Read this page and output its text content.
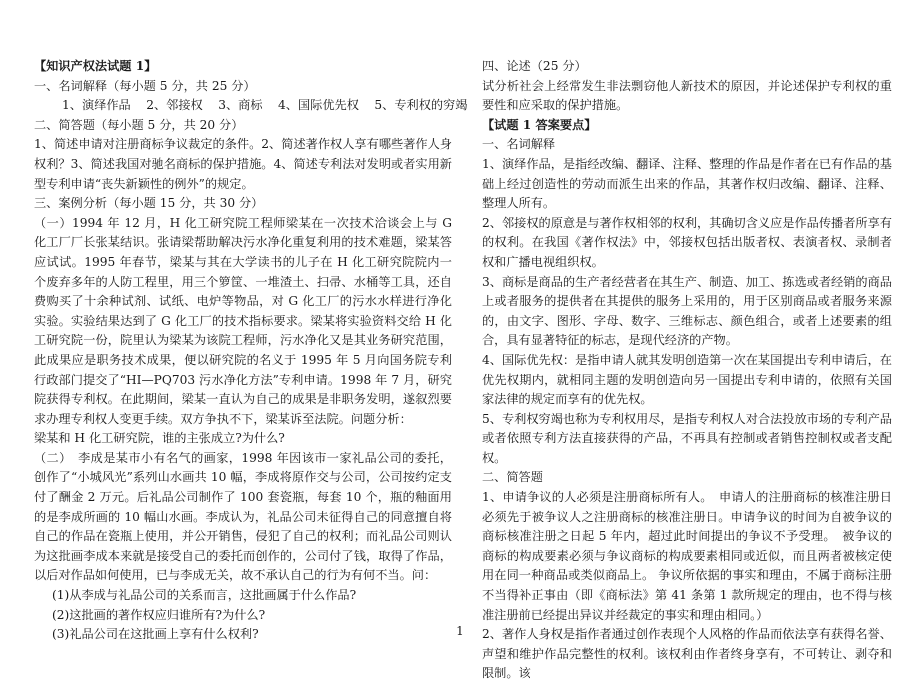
【知识产权法试题 1】

一、名词解释（每小题 5 分，共 25 分）

1、演绎作品    2、邻接权    3、商标    4、国际优先权    5、专利权的穷竭

二、简答题（每小题 5 分，共 20 分）

1、简述申请对注册商标争议裁定的条件。2、简述著作权人享有哪些著作人身权利？3、简述我国对驰名商标的保护措施。4、简述专利法对发明或者实用新型专利申请“丧失新颖性的例外”的规定。

三、案例分析（每小题 15 分，共 30 分）

（一）1994 年 12 月，H 化工研究院工程师梁某在一次技术洽谈会上与 G 化工厂厂长张某结识。张请梁帮助解决污水净化重复利用的技术难题，梁某答应试试。1995 年春节，梁某与其在大学读书的儿子在 H 化工研究院院内一个废弃多年的人防工程里，用三个箩筐、一堆渣土、扫帚、水桶等工具，还自费购买了十余种试剂、试纸、电炉等物品，对 G 化工厂的污水水样进行净化实验。实验结果达到了 G 化工厂的技术指标要求。梁某将实验资料交给 H 化工研究院一份，院里认为梁某为该院工程师，污水净化又是其业务研究范围，此成果应是职务技术成果，便以研究院的名义于 1995 年 5 月向国务院专利行政部门提交了“HI—PQ703 污水净化方法”专利申请。1998 年 7 月，研究院获得专利权。在此期间，梁某一直认为自己的成果是非职务发明，遂叙烈要求办理专利权人变更手续。双方争执不下，梁某诉至法院。问题分析：

梁某和 H 化工研究院，谁的主张成立?为什么?

（二）　李成是某市小有名气的画家，1998 年因该市一家礼品公司的委托，创作了“小城风光”系列山水画共 10 幅，李成将原作交与公司，公司按约定支付了酬金 2 万元。后礼品公司制作了 100 套瓷瓶，每套 10 个，瓶的釉面用的是李成所画的 10 幅山水画。李成认为，礼品公司未征得自己的同意擅自将自己的作品在瓷瓶上使用，并公开销售，侵犯了自己的权利；而礼品公司则认为这批画李成本来就是接受自己的委托而创作的，公司付了钱，取得了作品，以后对作品如何使用，已与李成无关，故不承认自己的行为有何不当。问：

(1)从李成与礼品公司的关系而言，这批画属于什么作品?

(2)这批画的著作权应归谁所有?为什么?

(3)礼品公司在这批画上享有什么权利?

四、论述（25 分）

试分析社会上经常发生非法剽窃他人新技术的原因，并论述保护专利权的重要性和应采取的保护措施。

【试题 1 答案要点】

一、名词解释

1、演绎作品，是指经改编、翻译、注释、整理的作品是作者在已有作品的基础上经过创造性的劳动而派生出来的作品，其著作权归改编、翻译、注释、整理人所有。

2、邻接权的原意是与著作权相邻的权利，其确切含义应是作品传播者所享有的权利。在我国《著作权法》中，邻接权包括出版者权、表演者权、录制者权和广播电视组织权。

3、商标是商品的生产者经营者在其生产、制造、加工、拣选或者经销的商品上或者服务的提供者在其提供的服务上采用的，用于区别商品或者服务来源的，由文字、图形、字母、数字、三维标志、颜色组合，或者上述要素的组合，具有显著特征的标志，是现代经济的产物。

4、国际优先权：是指申请人就其发明创造第一次在某国提出专利申请后，在优先权期内，就相同主题的发明创造向另一国提出专利申请的，依照有关国家法律的规定而享有的优先权。

5、专利权穷竭也称为专利权用尽，是指专利权人对合法投放市场的专利产品或者依照专利方法直接获得的产品，不再具有控制或者销售控制权或者支配权。

二、简答题

1、申请争议的人必须是注册商标所有人。　申请人的注册商标的核准注册日必须先于被争议人之注册商标的核准注册日。申请争议的时间为自被争议的商标核准注册之日起 5 年内，超过此时间提出的争议不予受理。　被争议的商标的构成要素必须与争议商标的构成要素相同或近似，而且两者被核定使用在同一种商品或类似商品上。 争议所依据的事实和理由，不属于商标注册不当得补正事由（即《商标法》第 41 条第 1 款所规定的理由，也不得与核准注册前已经提出异议并经裁定的事实和理由相同。）

2、著作人身权是指作者通过创作表现个人风格的作品而依法享有获得名誉、声望和维护作品完整性的权利。该权利由作者终身享有，不可转让、剥夺和限制。该

1
